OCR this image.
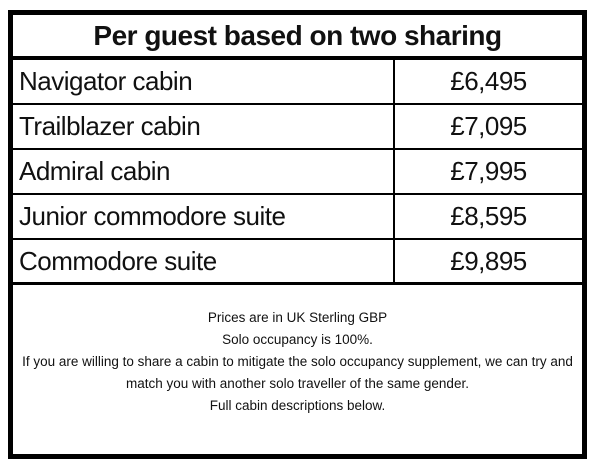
Per guest based on two sharing
Navigator cabin	£6,495
Trailblazer cabin	£7,095
Admiral cabin	£7,995
Junior commodore suite	£8,595
Commodore suite	£9,895
Prices are in UK Sterling GBP
Solo occupancy is 100%.
If you are willing to share a cabin to mitigate the solo occupancy supplement, we can try and match you with another solo traveller of the same gender.
Full cabin descriptions below.
